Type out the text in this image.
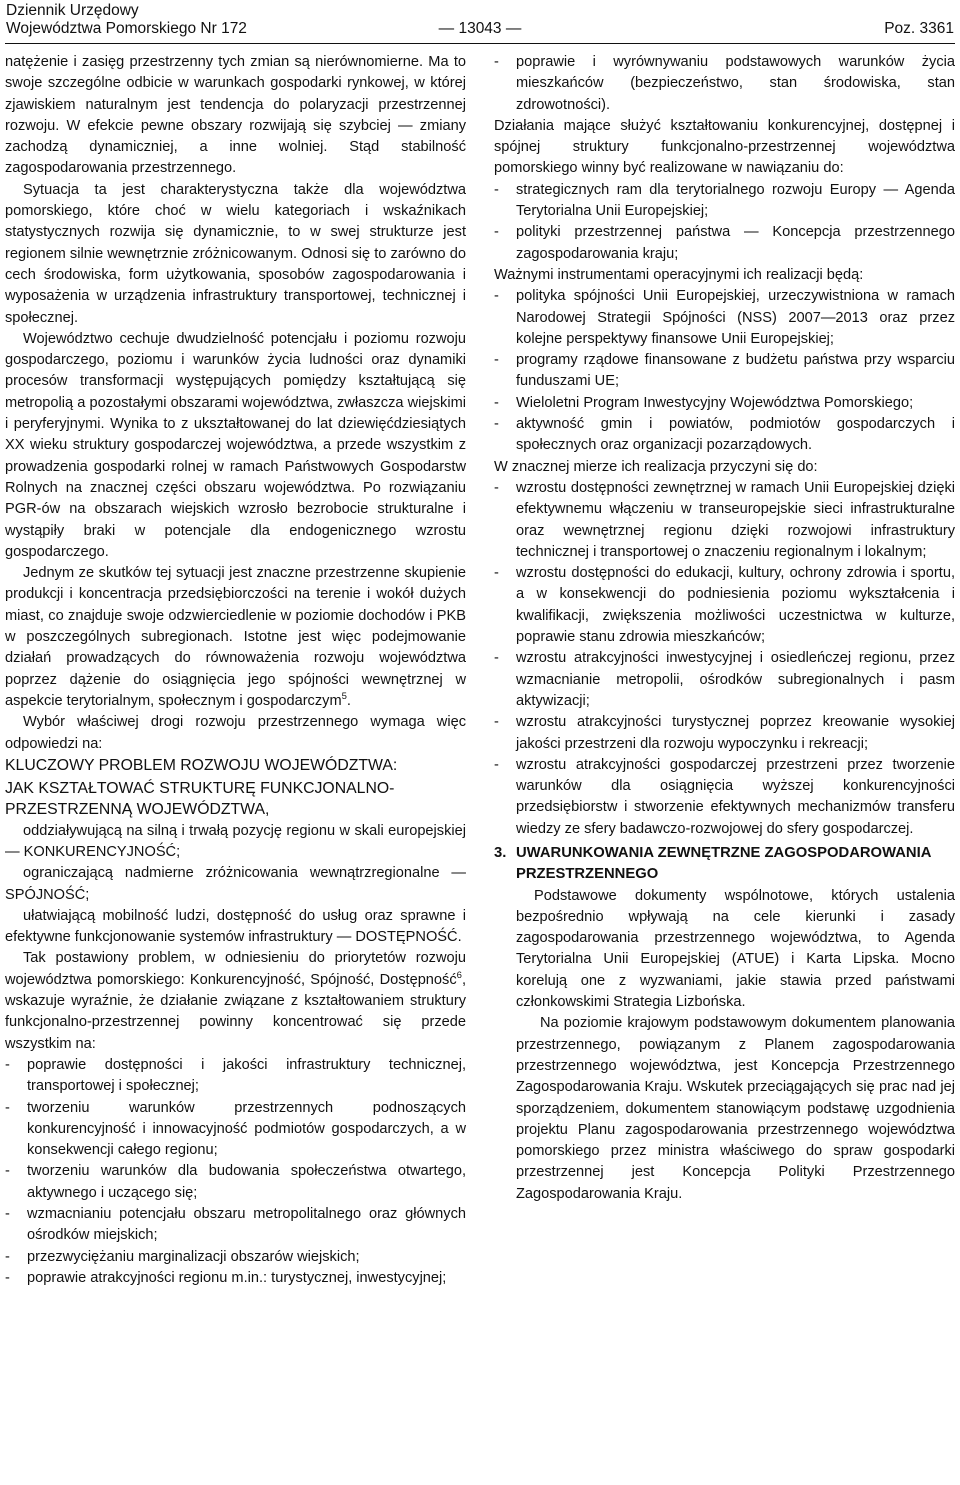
Dziennik Urzędowy
Województwa Pomorskiego Nr 172	— 13043 —	Poz. 3361

natężenie i zasięg przestrzenny tych zmian są nierównomierne. Ma to swoje szczególne odbicie w warunkach gospodarki rynkowej, w której zjawiskiem naturalnym jest tendencja do polaryzacji przestrzennej rozwoju. W efekcie pewne obszary rozwijają się szybciej — zmiany zachodzą dynamiczniej, a inne wolniej. Stąd stabilność zagospodarowania przestrzennego.

Sytuacja ta jest charakterystyczna także dla województwa pomorskiego, które choć w wielu kategoriach i wskaźnikach statystycznych rozwija się dynamicznie, to w swej strukturze jest regionem silnie wewnętrznie zróżnicowanym. Odnosi się to zarówno do cech środowiska, form użytkowania, sposobów zagospodarowania i wyposażenia w urządzenia infrastruktury transportowej, technicznej i społecznej.

Województwo cechuje dwudzielność potencjału i poziomu rozwoju gospodarczego, poziomu i warunków życia ludności oraz dynamiki procesów transformacji występujących pomiędzy kształtującą się metropolią a pozostałymi obszarami województwa, zwłaszcza wiejskimi i peryferyjnymi. Wynika to z ukształtowanej do lat dziewięćdziesiątych XX wieku struktury gospodarczej województwa, a przede wszystkim z prowadzenia gospodarki rolnej w ramach Państwowych Gospodarstw Rolnych na znacznej części obszaru województwa. Po rozwiązaniu PGR-ów na obszarach wiejskich wzrosło bezrobocie strukturalne i wystąpiły braki w potencjale dla endogenicznego wzrostu gospodarczego.

Jednym ze skutków tej sytuacji jest znaczne przestrzenne skupienie produkcji i koncentracja przedsiębiorczości na terenie i wokół dużych miast, co znajduje swoje odzwierciedlenie w poziomie dochodów i PKB w poszczególnych subregionach. Istotne jest więc podejmowanie działań prowadzących do równoważenia rozwoju województwa poprzez dążenie do osiągnięcia jego spójności wewnętrznej w aspekcie terytorialnym, społecznym i gospodarczym$^5$.

Wybór właściwej drogi rozwoju przestrzennego wymaga więc odpowiedzi na:

KLUCZOWY PROBLEM ROZWOJU WOJEWÓDZTWA:

JAK KSZTAŁTOWAĆ STRUKTURĘ FUNKCJONALNO-PRZESTRZENNĄ WOJEWÓDZTWA,

oddziaływującą na silną i trwałą pozycję regionu w skali europejskiej — KONKURENCYJNOŚĆ;

ograniczającą nadmierne zróżnicowania wewnątrzregionalne — SPÓJNOŚĆ;

ułatwiającą mobilność ludzi, dostępność do usług oraz sprawne i efektywne funkcjonowanie systemów infrastruktury — DOSTĘPNOŚĆ.

Tak postawiony problem, w odniesieniu do priorytetów rozwoju województwa pomorskiego: Konkurencyjność, Spójność, Dostępność$^6$, wskazuje wyraźnie, że działanie związane z kształtowaniem struktury funkcjonalno-przestrzennej powinny koncentrować się przede wszystkim na:

- poprawie dostępności i jakości infrastruktury technicznej, transportowej i społecznej;
- tworzeniu warunków przestrzennych podnoszących konkurencyjność i innowacyjność podmiotów gospodarczych, a w konsekwencji całego regionu;
- tworzeniu warunków dla budowania społeczeństwa otwartego, aktywnego i uczącego się;
- wzmacnianiu potencjału obszaru metropolitalnego oraz głównych ośrodków miejskich;
- przezwyciężaniu marginalizacji obszarów wiejskich;
- poprawie atrakcyjności regionu m.in.: turystycznej, inwestycyjnej;
- poprawie i wyrównywaniu podstawowych warunków życia mieszkańców (bezpieczeństwo, stan środowiska, stan zdrowotności).

Działania mające służyć kształtowaniu konkurencyjnej, dostępnej i spójnej struktury funkcjonalno-przestrzennej województwa pomorskiego winny być realizowane w nawiązaniu do:

- strategicznych ram dla terytorialnego rozwoju Europy — Agenda Terytorialna Unii Europejskiej;
- polityki przestrzennej państwa — Koncepcja przestrzennego zagospodarowania kraju;

Ważnymi instrumentami operacyjnymi ich realizacji będą:

- polityka spójności Unii Europejskiej, urzeczywistniona w ramach Narodowej Strategii Spójności (NSS) 2007—2013 oraz przez kolejne perspektywy finansowe Unii Europejskiej;
- programy rządowe finansowane z budżetu państwa przy wsparciu funduszami UE;
- Wieloletni Program Inwestycyjny Województwa Pomorskiego;
- aktywność gmin i powiatów, podmiotów gospodarczych i społecznych oraz organizacji pozarządowych.

W znacznej mierze ich realizacja przyczyni się do:

- wzrostu dostępności zewnętrznej w ramach Unii Europejskiej dzięki efektywnemu włączeniu w transeuropejskie sieci infrastrukturalne oraz wewnętrznej regionu dzięki rozwojowi infrastruktury technicznej i transportowej o znaczeniu regionalnym i lokalnym;
- wzrostu dostępności do edukacji, kultury, ochrony zdrowia i sportu, a w konsekwencji do podniesienia poziomu wykształcenia i kwalifikacji, zwiększenia możliwości uczestnictwa w kulturze, poprawie stanu zdrowia mieszkańców;
- wzrostu atrakcyjności inwestycyjnej i osiedleńczej regionu, przez wzmacnianie metropolii, ośrodków subregionalnych i pasm aktywizacji;
- wzrostu atrakcyjności turystycznej poprzez kreowanie wysokiej jakości przestrzeni dla rozwoju wypoczynku i rekreacji;
- wzrostu atrakcyjności gospodarczej przestrzeni przez tworzenie warunków dla osiągnięcia wyższej konkurencyjności przedsiębiorstw i stworzenie efektywnych mechanizmów transferu wiedzy ze sfery badawczo-rozwojowej do sfery gospodarczej.
3. UWARUNKOWANIA ZEWNĘTRZNE ZAGOSPODAROWANIA PRZESTRZENNEGO

Podstawowe dokumenty wspólnotowe, których ustalenia bezpośrednio wpływają na cele kierunki i zasady zagospodarowania przestrzennego województwa, to Agenda Terytorialna Unii Europejskiej (ATUE) i Karta Lipska. Mocno korelują one z wyzwaniami, jakie stawia przed państwami członkowskimi Strategia Lizbońska.

Na poziomie krajowym podstawowym dokumentem planowania przestrzennego, powiązanym z Planem zagospodarowania przestrzennego województwa, jest Koncepcja Przestrzennego Zagospodarowania Kraju. Wskutek przeciągających się prac nad jej sporządzeniem, dokumentem stanowiącym podstawę uzgodnienia projektu Planu zagospodarowania przestrzennego województwa pomorskiego przez ministra właściwego do spraw gospodarki przestrzennej jest Koncepcja Polityki Przestrzennego Zagospodarowania Kraju.
